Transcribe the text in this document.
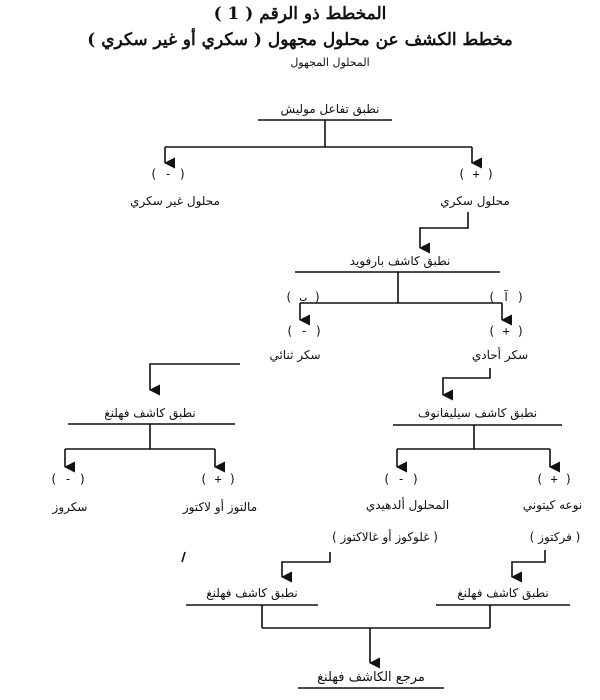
المخطط ذو الرقم ( 1 )
مخطط الكشف عن محلول مجهول ( سكري أو غير سكري )
المحلول المجهول
نطبق تفاعل موليش
( - )	( + )
محلول غير سكري	محلول سكري
نطبق كاشف بارفويد
( ب )	( آ )
( - )	( + )
سكر ثنائي	سكر أحادي
نطبق كاشف فهلنغ	نطبق كاشف سيليفانوف
( - )	( + )	( - )	( + )
سكروز	مالتوز أو لاكتوز	المحلول ألدهيدي	نوعه كيتوني
( غلوكوز أو غالاكتوز )	( فركتوز )
نطبق كاشف فهلنغ	نطبق كاشف فهلنغ
مرجع الكاشف فهلنغ
